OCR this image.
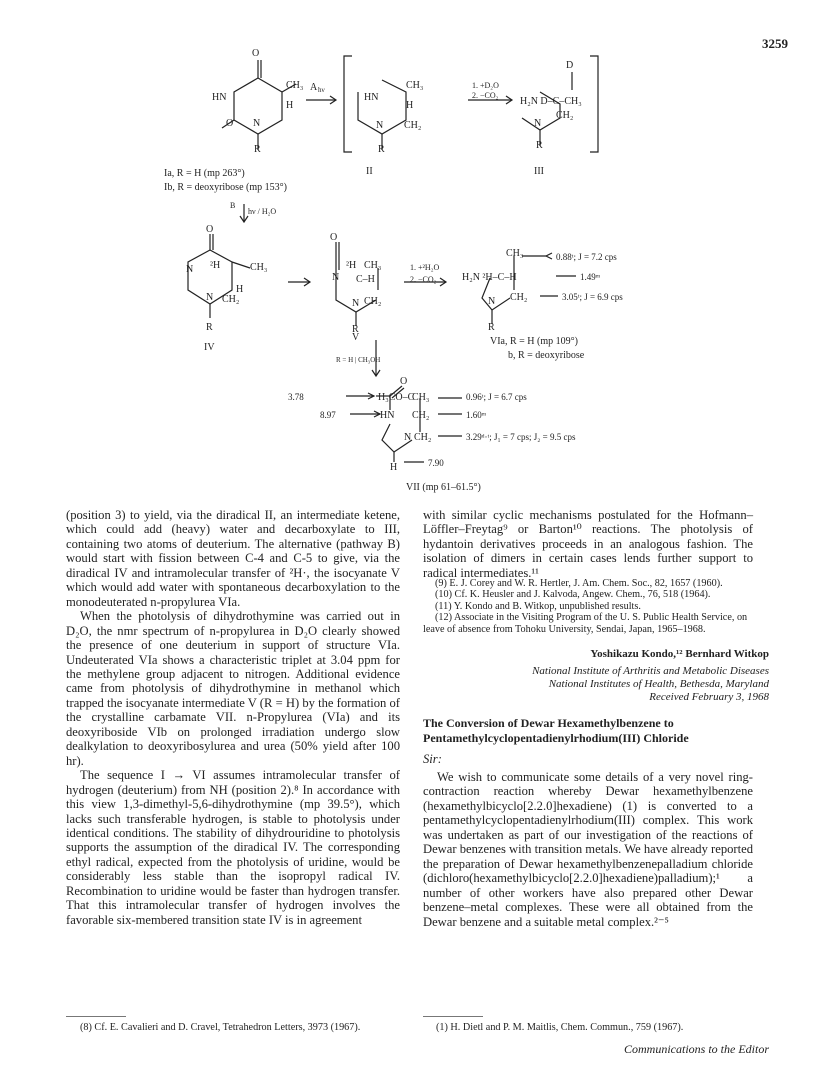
3259
O
CH₃
H
HN
O N
R
A hν
HN
CH₃
H
N CH₂
R
II
1. +D₂O
2. −CO₂
D
H₂N D–C–CH₃
N
CH₂
R
III
Ia, R = H (mp 263°)
Ib, R = deoxyribose (mp 153°)
B
hν / H₂O
O
²H	CH₃
H
N
N CH₂
R
IV
O
²H CH₃
N C–H
N CH₂
R
V
1. +²H₂O
2. −CO₂
CH₃
H₂N ²H–C–H
N CH₂
R
0.88ᵗ; J = 7.2 cps
1.49ᵐ
3.05ᵗ; J = 6.9 cps
VIa, R = H (mp 109°)
b, R = deoxyribose
R = H | CH₃OH
3.78	H₃CO–C
O
8.97	HN
CH₃
CH₂
N CH₂
H
0.96ᵗ; J = 6.7 cps
1.60ᵐ
3.29ᵈ·ᵗ; J₁ = 7 cps; J₂ = 9.5 cps
7.90
VII (mp 61–61.5°)

(position 3) to yield, via the diradical II, an intermediate ketene, which could add (heavy) water and decarboxylate to III, containing two atoms of deuterium. The alternative (pathway B) would start with fission between C-4 and C-5 to give, via the diradical IV and intramolecular transfer of ²H·, the isocyanate V which would add water with spontaneous decarboxylation to the monodeuterated n-propylurea VIa.

When the photolysis of dihydrothymine was carried out in D₂O, the nmr spectrum of n-propylurea in D₂O clearly showed the presence of one deuterium in support of structure VIa. Undeuterated VIa shows a characteristic triplet at 3.04 ppm for the methylene group adjacent to nitrogen. Additional evidence came from photolysis of dihydrothymine in methanol which trapped the isocyanate intermediate V (R = H) by the formation of the crystalline carbamate VII. n-Propylurea (VIa) and its deoxyriboside VIb on prolonged irradiation undergo slow dealkylation to deoxyribosylurea and urea (50% yield after 100 hr).

The sequence I → VI assumes intramolecular transfer of hydrogen (deuterium) from NH (position 2).⁸ In accordance with this view 1,3-dimethyl-5,6-dihydrothymine (mp 39.5°), which lacks such transferable hydrogen, is stable to photolysis under identical conditions. The stability of dihydrouridine to photolysis supports the assumption of the diradical IV. The corresponding ethyl radical, expected from the photolysis of uridine, would be considerably less stable than the isopropyl radical IV. Recombination to uridine would be faster than hydrogen transfer. That this intramolecular transfer of hydrogen involves the favorable six-membered transition state IV is in agreement

(8) Cf. E. Cavalieri and D. Cravel, Tetrahedron Letters, 3973 (1967).

with similar cyclic mechanisms postulated for the Hofmann–Löffler–Freytag⁹ or Barton¹⁰ reactions. The photolysis of hydantoin derivatives proceeds in an analogous fashion. The isolation of dimers in certain cases lends further support to radical intermediates.¹¹

(9) E. J. Corey and W. R. Hertler, J. Am. Chem. Soc., 82, 1657 (1960).

(10) Cf. K. Heusler and J. Kalvoda, Angew. Chem., 76, 518 (1964).

(11) Y. Kondo and B. Witkop, unpublished results.

(12) Associate in the Visiting Program of the U. S. Public Health Service, on leave of absence from Tohoku University, Sendai, Japan, 1965–1968.

Yoshikazu Kondo,¹² Bernhard Witkop
National Institute of Arthritis and Metabolic Diseases
National Institutes of Health, Bethesda, Maryland
Received February 3, 1968
The Conversion of Dewar Hexamethylbenzene to Pentamethylcyclopentadienylrhodium(III) Chloride
Sir:

We wish to communicate some details of a very novel ring-contraction reaction whereby Dewar hexamethylbenzene (hexamethylbicyclo[2.2.0]hexadiene) (1) is converted to a pentamethylcyclopentadienylrhodium(III) complex. This work was undertaken as part of our investigation of the reactions of Dewar benzenes with transition metals. We have already reported the preparation of Dewar hexamethylbenzenepalladium chloride (dichloro(hexamethylbicyclo[2.2.0]hexadiene)palladium);¹ a number of other workers have also prepared other Dewar benzene–metal complexes. These were all obtained from the Dewar benzene and a suitable metal complex.²⁻⁵

(1) H. Dietl and P. M. Maitlis, Chem. Commun., 759 (1967).

Communications to the Editor
